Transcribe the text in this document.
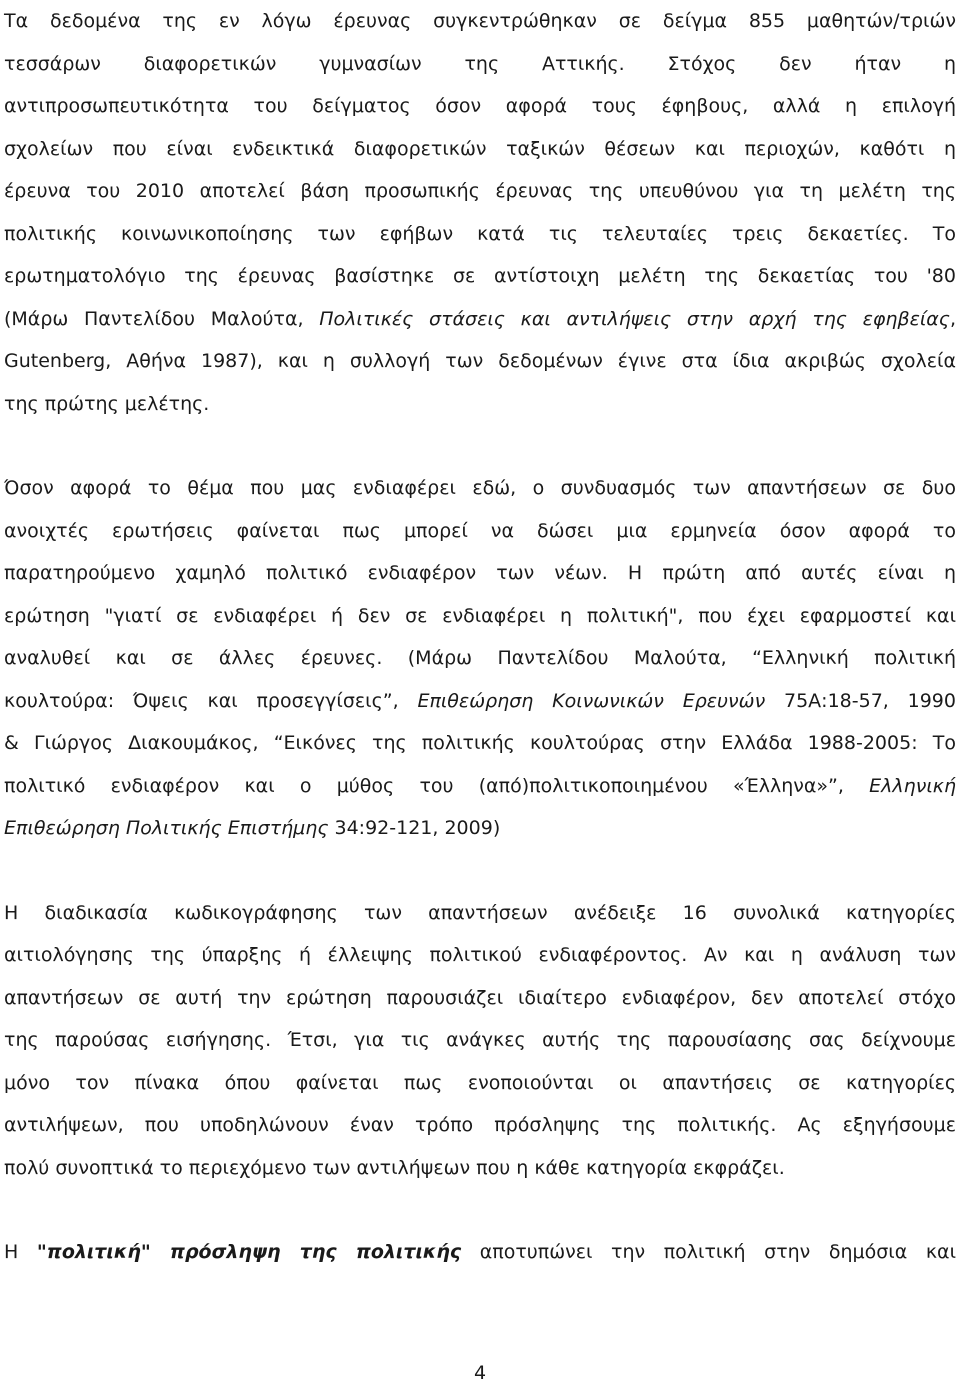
Τα δεδομένα της εν λόγω έρευνας συγκεντρώθηκαν σε δείγμα 855 μαθητών/τριών
τεσσάρων διαφορετικών γυμνασίων της Αττικής. Στόχος δεν ήταν η
αντιπροσωπευτικότητα του δείγματος όσον αφορά τους έφηβους, αλλά η επιλογή
σχολείων που είναι ενδεικτικά διαφορετικών ταξικών θέσεων και περιοχών, καθότι η
έρευνα του 2010 αποτελεί βάση προσωπικής έρευνας της υπευθύνου για τη μελέτη της
πολιτικής κοινωνικοποίησης των εφήβων κατά τις τελευταίες τρεις δεκαετίες. Το
ερωτηματολόγιο της έρευνας βασίστηκε σε αντίστοιχη μελέτη της δεκαετίας του '80
(Μάρω Παντελίδου Μαλούτα, Πολιτικές στάσεις και αντιλήψεις στην αρχή της εφηβείας,
Gutenberg, Αθήνα 1987), και η συλλογή των δεδομένων έγινε στα ίδια ακριβώς σχολεία
της πρώτης μελέτης.

Όσον αφορά το θέμα που μας ενδιαφέρει εδώ, ο συνδυασμός των απαντήσεων σε δυο
ανοιχτές ερωτήσεις φαίνεται πως μπορεί να δώσει μια ερμηνεία όσον αφορά το
παρατηρούμενο χαμηλό πολιτικό ενδιαφέρον των νέων. Η πρώτη από αυτές είναι η
ερώτηση "γιατί σε ενδιαφέρει ή δεν σε ενδιαφέρει η πολιτική", που έχει εφαρμοστεί και
αναλυθεί και σε άλλες έρευνες. (Μάρω Παντελίδου Μαλούτα, “Ελληνική πολιτική
κουλτούρα: Όψεις και προσεγγίσεις”, Επιθεώρηση Κοινωνικών Ερευνών 75Α:18-57, 1990
& Γιώργος Διακουμάκος, “Εικόνες της πολιτικής κουλτούρας στην Ελλάδα 1988-2005: Το
πολιτικό ενδιαφέρον και ο μύθος του (από)πολιτικοποιημένου «Έλληνα»”, Ελληνική
Επιθεώρηση Πολιτικής Επιστήμης 34:92-121, 2009)

Η διαδικασία κωδικογράφησης των απαντήσεων ανέδειξε 16 συνολικά κατηγορίες
αιτιολόγησης της ύπαρξης ή έλλειψης πολιτικού ενδιαφέροντος. Αν και η ανάλυση των
απαντήσεων σε αυτή την ερώτηση παρουσιάζει ιδιαίτερο ενδιαφέρον, δεν αποτελεί στόχο
της παρούσας εισήγησης. Έτσι, για τις ανάγκες αυτής της παρουσίασης σας δείχνουμε
μόνο τον πίνακα όπου φαίνεται πως ενοποιούνται οι απαντήσεις σε κατηγορίες
αντιλήψεων, που υποδηλώνουν έναν τρόπο πρόσληψης της πολιτικής. Ας εξηγήσουμε
πολύ συνοπτικά το περιεχόμενο των αντιλήψεων που η κάθε κατηγορία εκφράζει.

Η "πολιτική" πρόσληψη της πολιτικής αποτυπώνει την πολιτική στην δημόσια και

4
